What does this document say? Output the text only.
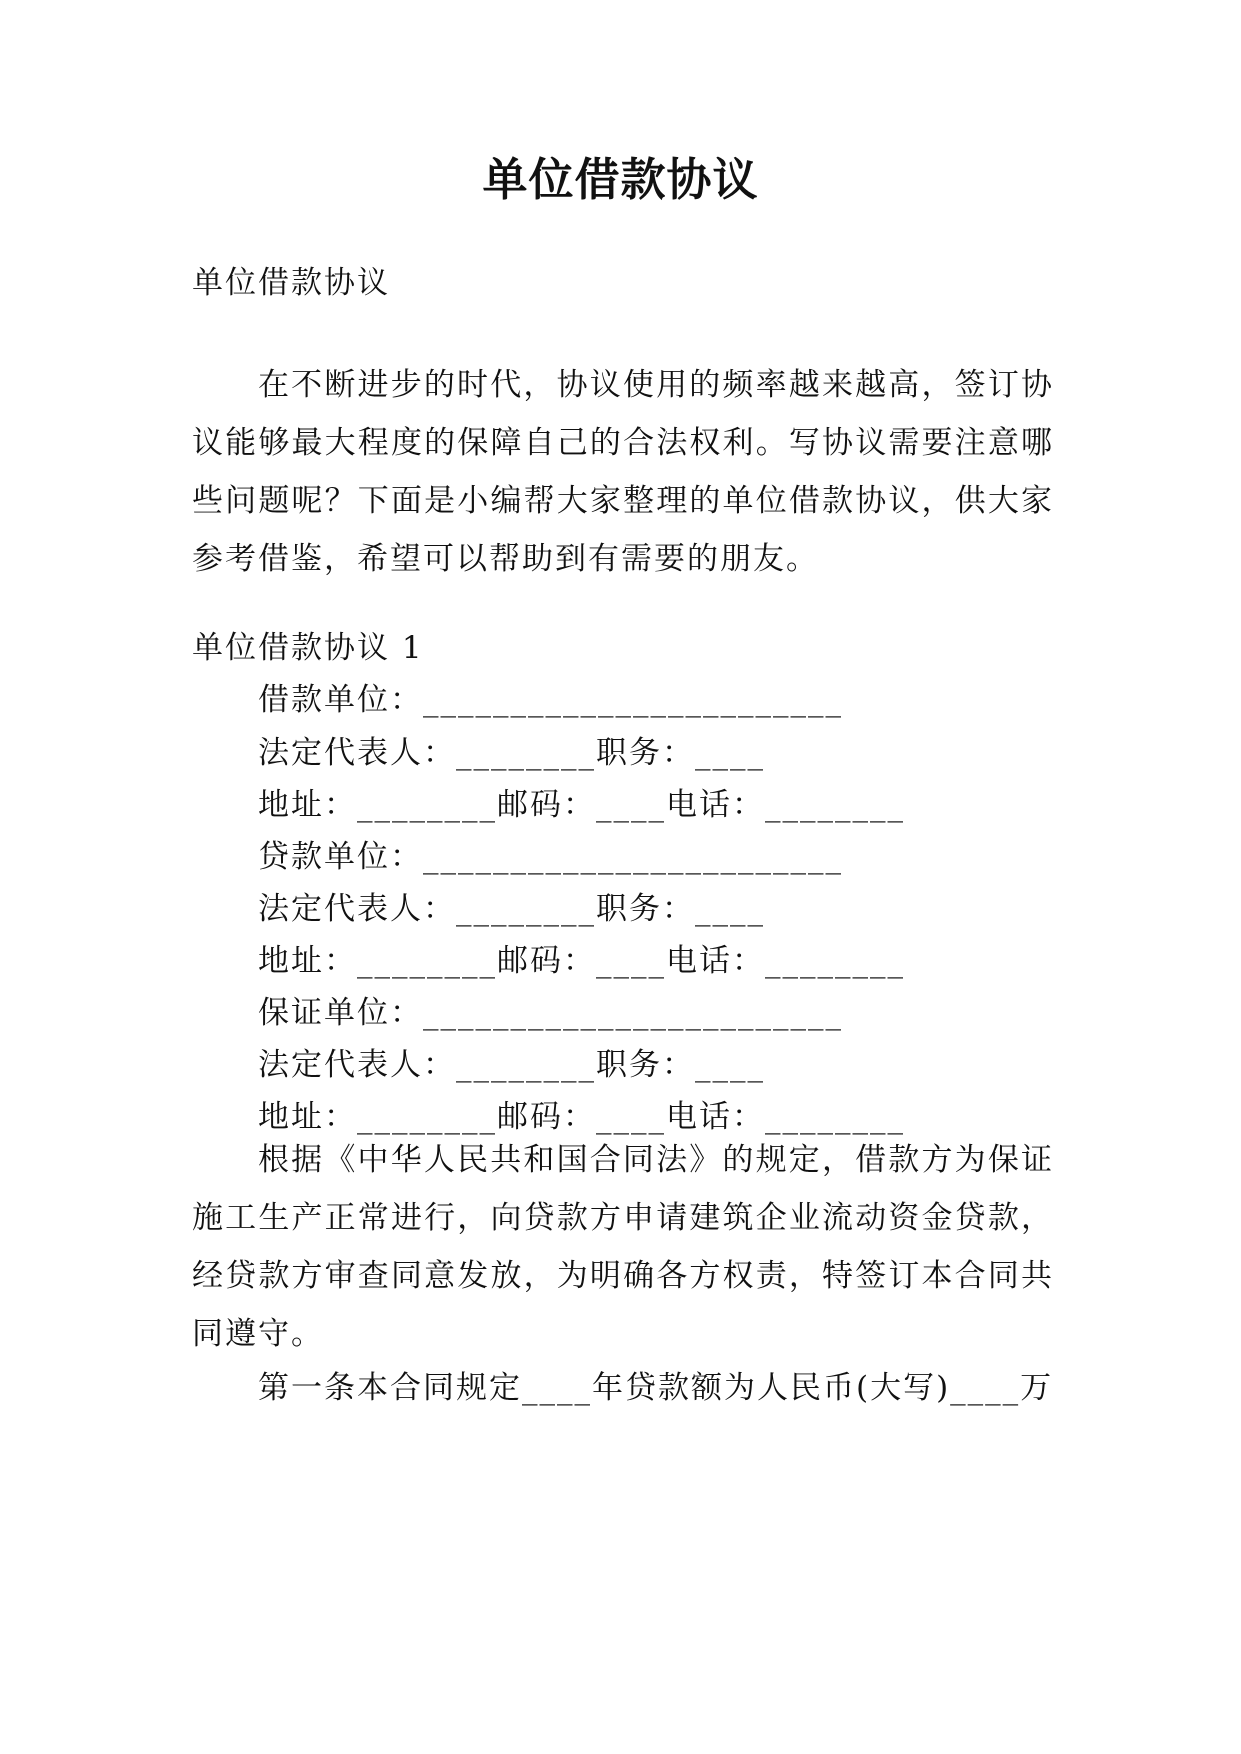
单位借款协议
单位借款协议

在不断进步的时代，协议使用的频率越来越高，签订协议能够最大程度的保障自己的合法权利。写协议需要注意哪些问题呢？下面是小编帮大家整理的单位借款协议，供大家参考借鉴，希望可以帮助到有需要的朋友。

单位借款协议 1
借款单位：________________________
法定代表人：________职务：____
地址：________邮码：____电话：________
贷款单位：________________________
法定代表人：________职务：____
地址：________邮码：____电话：________
保证单位：________________________
法定代表人：________职务：____
地址：________邮码：____电话：________

根据《中华人民共和国合同法》的规定，借款方为保证施工生产正常进行，向贷款方申请建筑企业流动资金贷款，经贷款方审查同意发放，为明确各方权责，特签订本合同共同遵守。

第一条本合同规定____年贷款额为人民币(大写)____万
